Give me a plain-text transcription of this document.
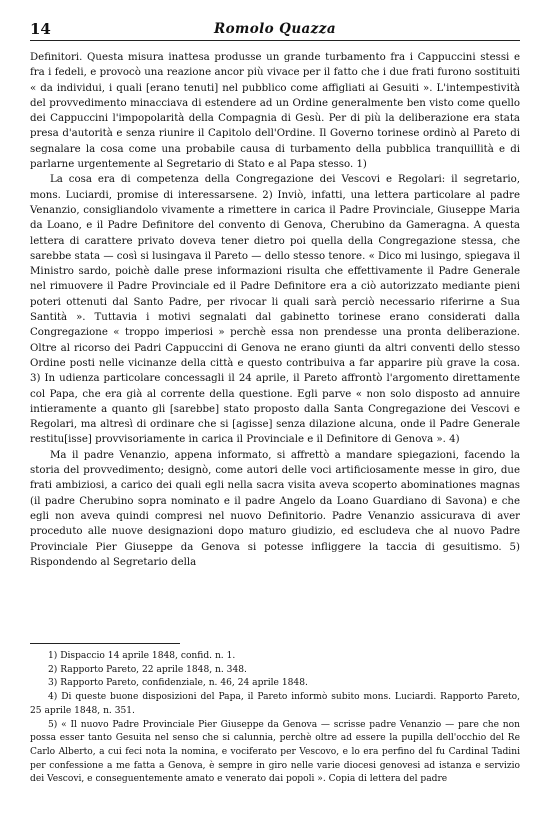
14	Romolo Quazza

Definitori. Questa misura inattesa produsse un grande turbamento fra i Cappuccini stessi e fra i fedeli, e provocò una reazione ancor più vivace per il fatto che i due frati furono sostituiti « da individui, i quali [erano tenuti] nel pubblico come affigliati ai Gesuiti ». L'intempestività del provvedimento minacciava di estendere ad un Ordine generalmente ben visto come quello dei Cappuccini l'impopolarità della Compagnia di Gesù. Per di più la deliberazione era stata presa d'autorità e senza riunire il Capitolo dell'Ordine. Il Governo torinese ordinò al Pareto di segnalare la cosa come una probabile causa di turbamento della pubblica tranquillità e di parlarne urgentemente al Segretario di Stato e al Papa stesso. 1)

La cosa era di competenza della Congregazione dei Vescovi e Regolari: il segretario, mons. Luciardi, promise di interessarsene. 2) Inviò, infatti, una lettera particolare al padre Venanzio, consigliandolo vivamente a rimettere in carica il Padre Provinciale, Giuseppe Maria da Loano, e il Padre Definitore del convento di Genova, Cherubino da Gameragna. A questa lettera di carattere privato doveva tener dietro poi quella della Congregazione stessa, che sarebbe stata — così si lusingava il Pareto — dello stesso tenore. « Dico mi lusingo, spiegava il Ministro sardo, poichè dalle prese informazioni risulta che effettivamente il Padre Generale nel rimuovere il Padre Provinciale ed il Padre Definitore era a ciò autorizzato mediante pieni poteri ottenuti dal Santo Padre, per rivocar li quali sarà perciò necessario riferirne a Sua Santità ». Tuttavia i motivi segnalati dal gabinetto torinese erano considerati dalla Congregazione « troppo imperiosi » perchè essa non prendesse una pronta deliberazione. Oltre al ricorso dei Padri Cappuccini di Genova ne erano giunti da altri conventi dello stesso Ordine posti nelle vicinanze della città e questo contribuiva a far apparire più grave la cosa. 3) In udienza particolare concessagli il 24 aprile, il Pareto affrontò l'argomento direttamente col Papa, che era già al corrente della questione. Egli parve « non solo disposto ad annuire intieramente a quanto gli [sarebbe] stato proposto dalla Santa Congregazione dei Vescovi e Regolari, ma altresì di ordinare che si [agisse] senza dilazione alcuna, onde il Padre Generale restitu[isse] provvisoriamente in carica il Provinciale e il Definitore di Genova ». 4)

Ma il padre Venanzio, appena informato, si affrettò a mandare spiegazioni, facendo la storia del provvedimento; designò, come autori delle voci artificiosamente messe in giro, due frati ambiziosi, a carico dei quali egli nella sacra visita aveva scoperto abominationes magnas (il padre Cherubino sopra nominato e il padre Angelo da Loano Guardiano di Savona) e che egli non aveva quindi compresi nel nuovo Definitorio. Padre Venanzio assicurava di aver proceduto alle nuove designazioni dopo maturo giudizio, ed escludeva che al nuovo Padre Provinciale Pier Giuseppe da Genova si potesse infliggere la taccia di gesuitismo. 5) Rispondendo al Segretario della

1) Dispaccio 14 aprile 1848, confid. n. 1.

2) Rapporto Pareto, 22 aprile 1848, n. 348.

3) Rapporto Pareto, confidenziale, n. 46, 24 aprile 1848.

4) Di queste buone disposizioni del Papa, il Pareto informò subito mons. Luciardi. Rapporto Pareto, 25 aprile 1848, n. 351.

5) « Il nuovo Padre Provinciale Pier Giuseppe da Genova — scrisse padre Venanzio — pare che non possa esser tanto Gesuita nel senso che si calunnia, perchè oltre ad essere la pupilla dell'occhio del Re Carlo Alberto, a cui feci nota la nomina, e vociferato per Vescovo, e lo era perfino del fu Cardinal Tadini per confessione a me fatta a Genova, è sempre in giro nelle varie diocesi genovesi ad istanza e servizio dei Vescovi, e conseguentemente amato e venerato dai popoli ». Copia di lettera del padre
